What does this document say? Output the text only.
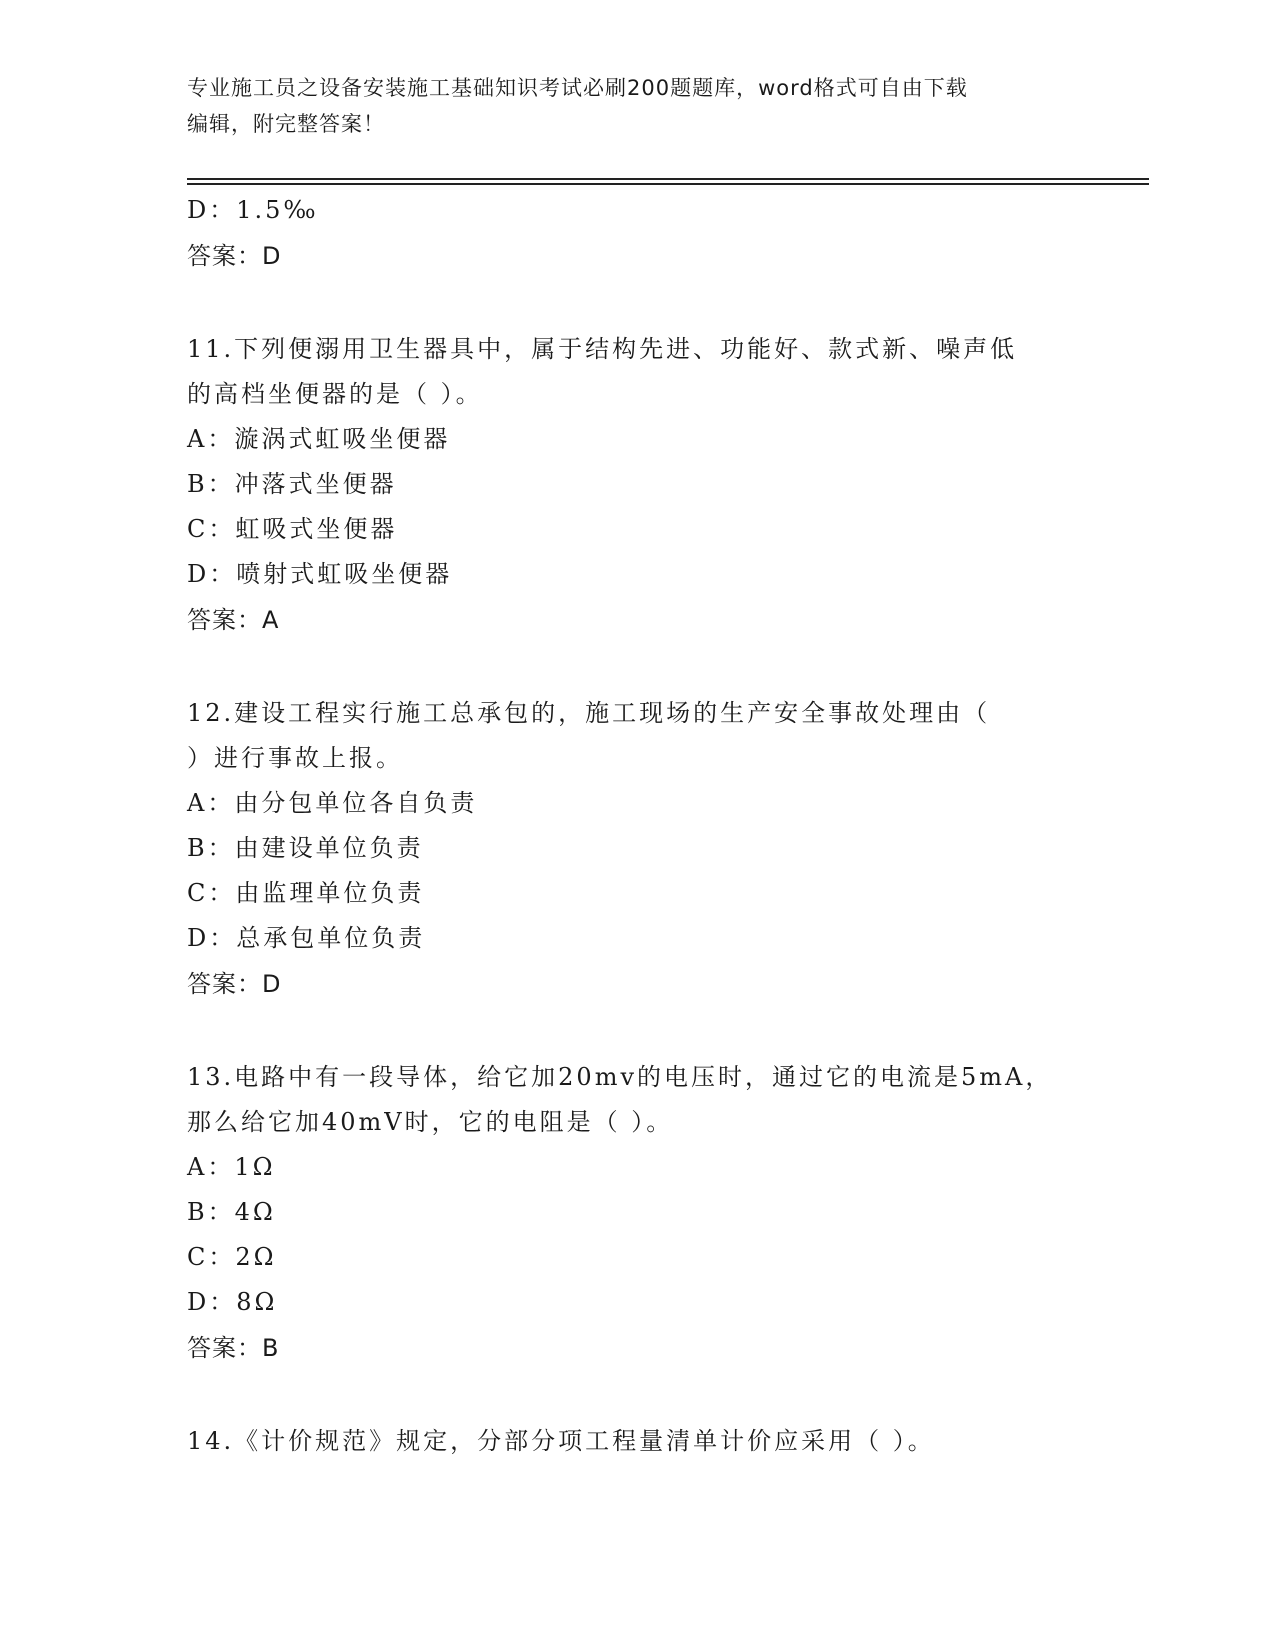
专业施工员之设备安装施工基础知识考试必刷200题题库，word格式可自由下载
编辑，附完整答案！
D：1.5‰
答案：D
11.下列便溺用卫生器具中，属于结构先进、功能好、款式新、噪声低
的高档坐便器的是（ ）。
A：漩涡式虹吸坐便器
B：冲落式坐便器
C：虹吸式坐便器
D：喷射式虹吸坐便器
答案：A
12.建设工程实行施工总承包的，施工现场的生产安全事故处理由（
）进行事故上报。
A：由分包单位各自负责
B：由建设单位负责
C：由监理单位负责
D：总承包单位负责
答案：D
13.电路中有一段导体，给它加20mv的电压时，通过它的电流是5mA，
那么给它加40mV时，它的电阻是（ ）。
A：1Ω
B：4Ω
C：2Ω
D：8Ω
答案：B
14.《计价规范》规定，分部分项工程量清单计价应采用（ ）。
